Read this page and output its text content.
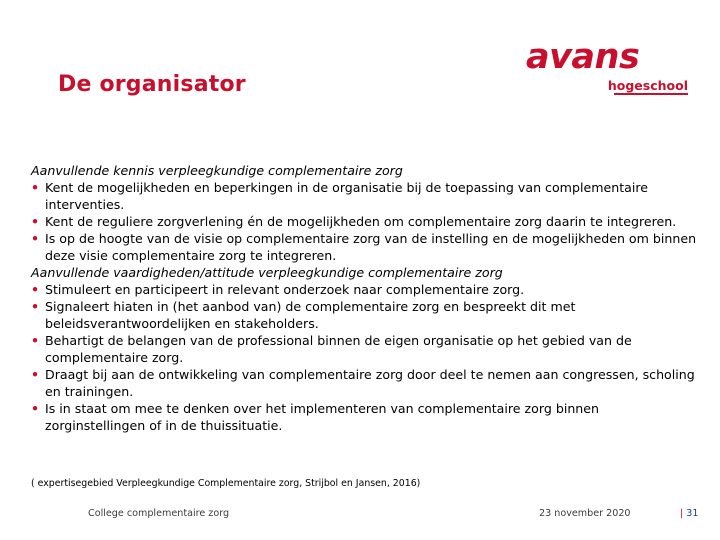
De organisator
avans
hogeschool
Aanvullende kennis verpleegkundige complementaire zorg
• Kent de mogelijkheden en beperkingen in de organisatie bij de toepassing van complementaire interventies.
• Kent de reguliere zorgverlening én de mogelijkheden om complementaire zorg daarin te integreren.
• Is op de hoogte van de visie op complementaire zorg van de instelling en de mogelijkheden om binnen deze visie complementaire zorg te integreren.
Aanvullende vaardigheden/attitude verpleegkundige complementaire zorg
• Stimuleert en participeert in relevant onderzoek naar complementaire zorg.
• Signaleert hiaten in (het aanbod van) de complementaire zorg en bespreekt dit met beleidsverantwoordelijken en stakeholders.
• Behartigt de belangen van de professional binnen de eigen organisatie op het gebied van de complementaire zorg.
• Draagt bij aan de ontwikkeling van complementaire zorg door deel te nemen aan congressen, scholing en trainingen.
• Is in staat om mee te denken over het implementeren van complementaire zorg binnen zorginstellingen of in de thuissituatie.
( expertisegebied Verpleegkundige Complementaire zorg, Strijbol en Jansen, 2016)
College complementaire zorg	23 november 2020	| 31
